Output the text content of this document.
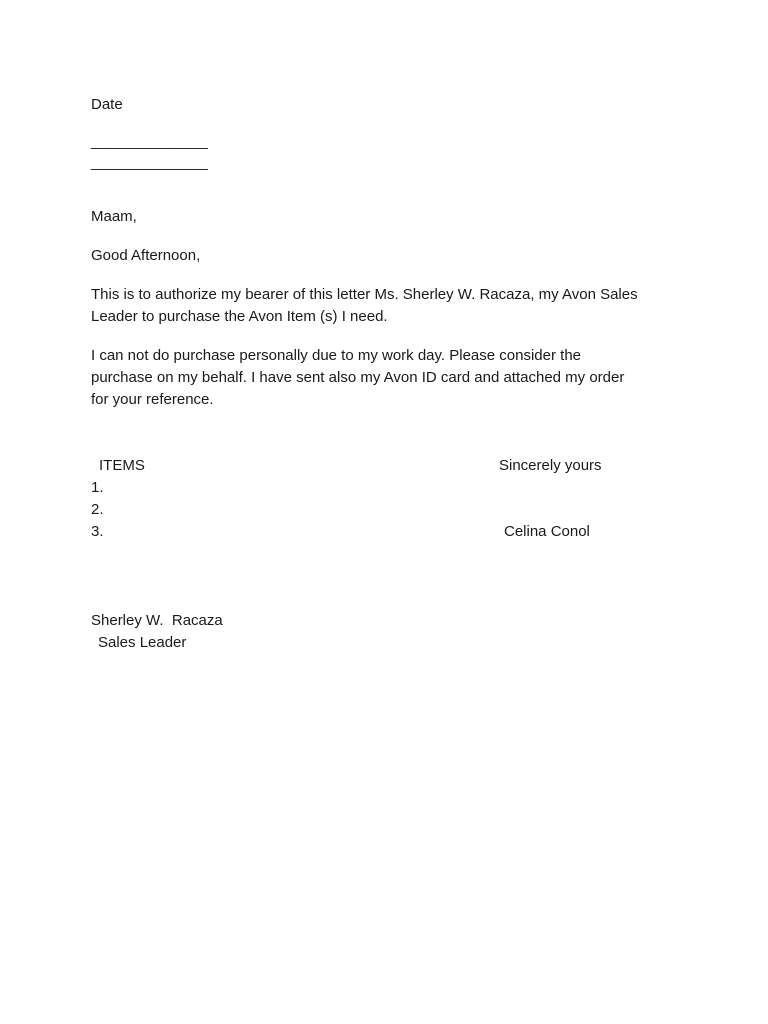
Date
______________
______________
Maam,
Good Afternoon,
This is to authorize my bearer of this letter Ms. Sherley W. Racaza, my Avon Sales
Leader to purchase the Avon Item (s) I need.
I can not do purchase personally due to my work day. Please consider the
purchase on my behalf. I have sent also my Avon ID card and attached my order
for your reference.
ITEMS
1.
2.
3.
Sincerely yours
Celina Conol
Sherley W.  Racaza
Sales Leader
